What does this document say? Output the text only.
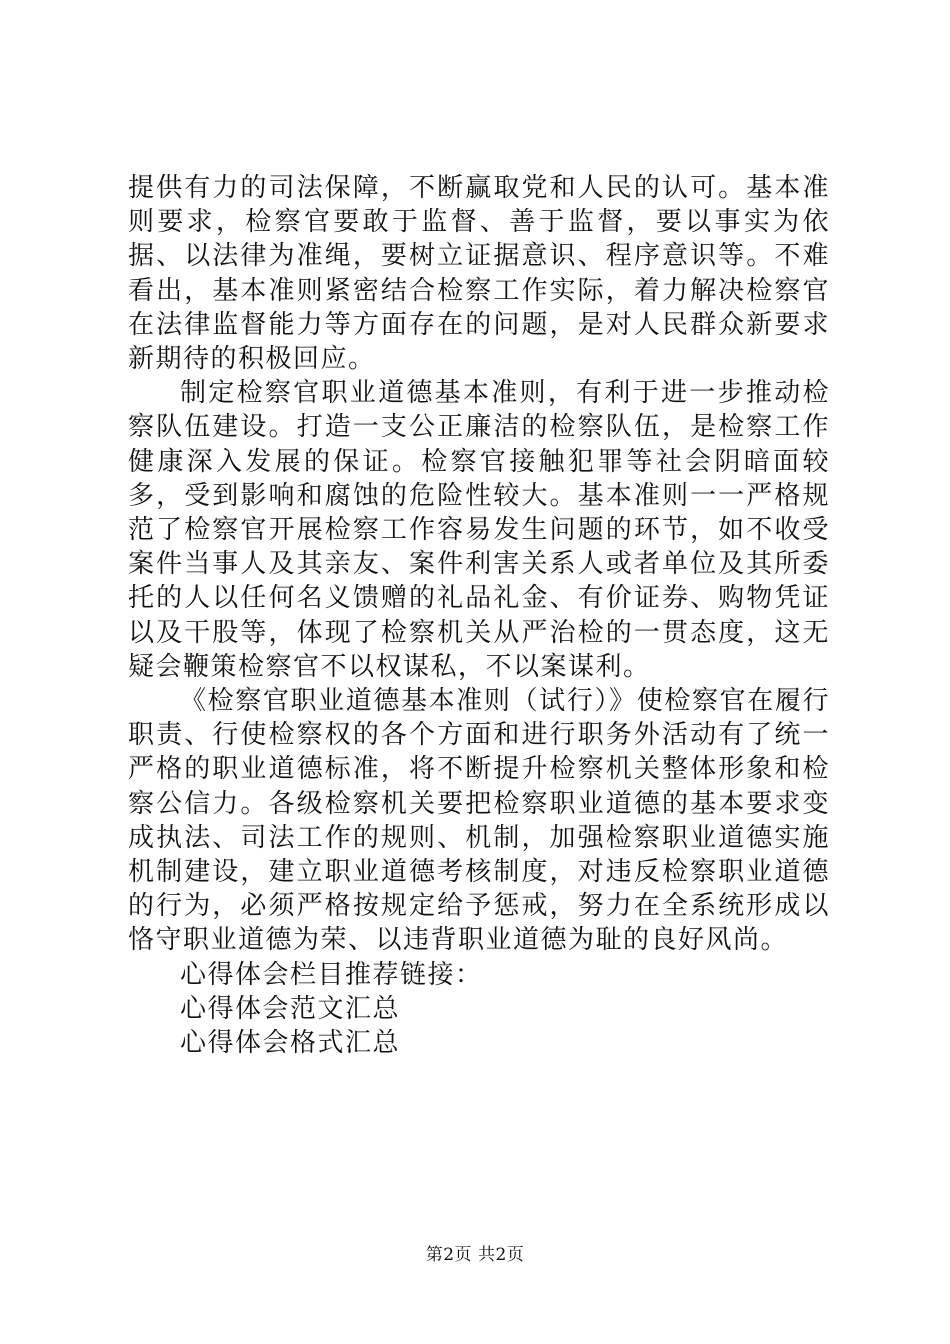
提供有力的司法保障，不断赢取党和人民的认可。基本准则要求，检察官要敢于监督、善于监督，要以事实为依据、以法律为准绳，要树立证据意识、程序意识等。不难看出，基本准则紧密结合检察工作实际，着力解决检察官在法律监督能力等方面存在的问题，是对人民群众新要求新期待的积极回应。

制定检察官职业道德基本准则，有利于进一步推动检察队伍建设。打造一支公正廉洁的检察队伍，是检察工作健康深入发展的保证。检察官接触犯罪等社会阴暗面较多，受到影响和腐蚀的危险性较大。基本准则一一严格规范了检察官开展检察工作容易发生问题的环节，如不收受案件当事人及其亲友、案件利害关系人或者单位及其所委托的人以任何名义馈赠的礼品礼金、有价证券、购物凭证以及干股等，体现了检察机关从严治检的一贯态度，这无疑会鞭策检察官不以权谋私，不以案谋利。

《检察官职业道德基本准则（试行）》使检察官在履行职责、行使检察权的各个方面和进行职务外活动有了统一严格的职业道德标准，将不断提升检察机关整体形象和检察公信力。各级检察机关要把检察职业道德的基本要求变成执法、司法工作的规则、机制，加强检察职业道德实施机制建设，建立职业道德考核制度，对违反检察职业道德的行为，必须严格按规定给予惩戒，努力在全系统形成以恪守职业道德为荣、以违背职业道德为耻的良好风尚。

心得体会栏目推荐链接：

心得体会范文汇总

心得体会格式汇总

第2页 共2页
